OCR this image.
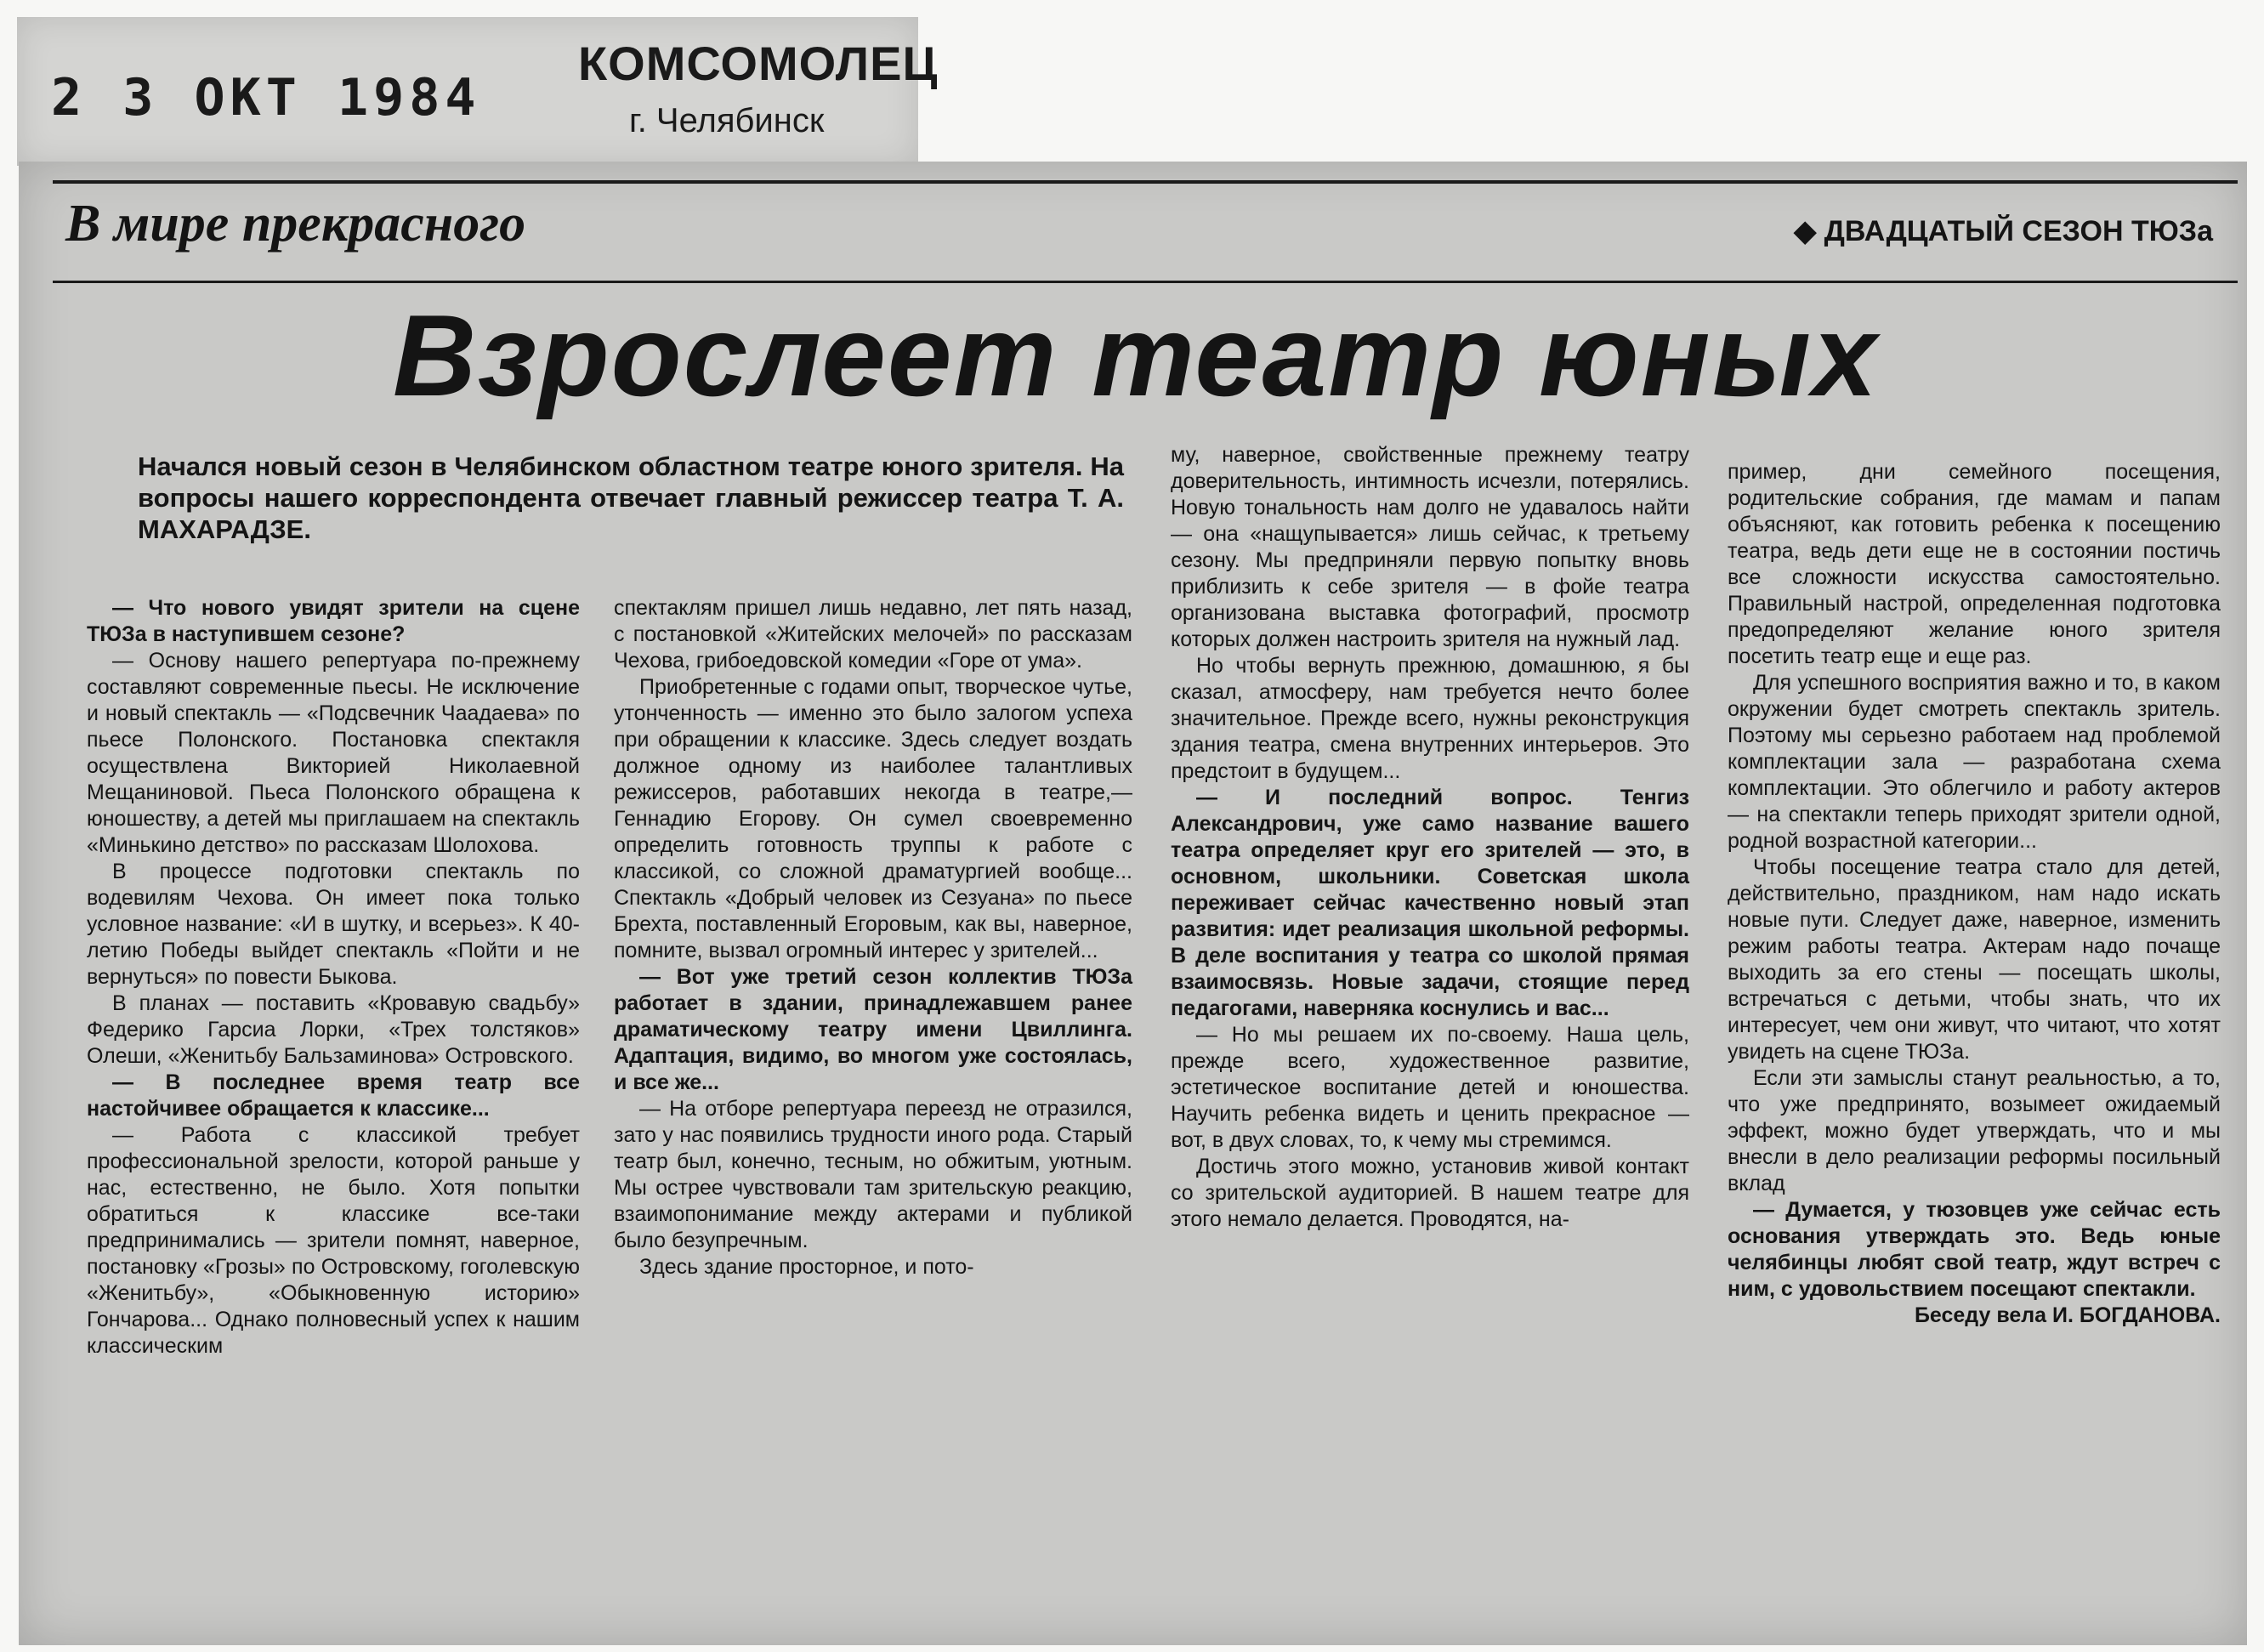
2 3 ОКТ 1984
КОМСОМОЛЕЦ
г. Челябинск
В мире прекрасного	◆ ДВАДЦАТЫЙ СЕЗОН ТЮЗа
Взрослеет театр юных
Начался новый сезон в Челябинском областном театре юного зрителя. На вопросы нашего корреспондента отвечает главный режиссер театра Т. А. МАХАРАДЗЕ.

— Что нового увидят зрители на сцене ТЮЗа в наступившем сезоне?

— Основу нашего репертуара по-прежнему составляют современные пьесы. Не исключение и новый спектакль — «Подсвечник Чаадаева» по пьесе Полонского. Постановка спектакля осуществлена Викторией Николаевной Мещаниновой. Пьеса Полонского обращена к юношеству, а детей мы приглашаем на спектакль «Минькино детство» по рассказам Шолохова.

В процессе подготовки спектакль по водевилям Чехова. Он имеет пока только условное название: «И в шутку, и всерьез». К 40-летию Победы выйдет спектакль «Пойти и не вернуться» по повести Быкова.

В планах — поставить «Кровавую свадьбу» Федерико Гарсиа Лорки, «Трех толстяков» Олеши, «Женитьбу Бальзаминова» Островского.

— В последнее время театр все настойчивее обращается к классике...

— Работа с классикой требует профессиональной зрелости, которой раньше у нас, естественно, не было. Хотя попытки обратиться к классике все-таки предпринимались — зрители помнят, наверное, постановку «Грозы» по Островскому, гоголевскую «Женитьбу», «Обыкновенную историю» Гончарова... Однако полновесный успех к нашим классическим

спектаклям пришел лишь недавно, лет пять назад, с постановкой «Житейских мелочей» по рассказам Чехова, грибоедовской комедии «Горе от ума».

Приобретенные с годами опыт, творческое чутье, утонченность — именно это было залогом успеха при обращении к классике. Здесь следует воздать должное одному из наиболее талантливых режиссеров, работавших некогда в театре,—Геннадию Егорову. Он сумел своевременно определить готовность труппы к работе с классикой, со сложной драматургией вообще... Спектакль «Добрый человек из Сезуана» по пьесе Брехта, поставленный Егоровым, как вы, наверное, помните, вызвал огромный интерес у зрителей...

— Вот уже третий сезон коллектив ТЮЗа работает в здании, принадлежавшем ранее драматическому театру имени Цвиллинга. Адаптация, видимо, во многом уже состоялась, и все же...

— На отборе репертуара переезд не отразился, зато у нас появились трудности иного рода. Старый театр был, конечно, тесным, но обжитым, уютным. Мы острее чувствовали там зрительскую реакцию, взаимопонимание между актерами и публикой было безупречным.

Здесь здание просторное, и пото-

му, наверное, свойственные прежнему театру доверительность, интимность исчезли, потерялись. Новую тональность нам долго не удавалось найти — она «нащупывается» лишь сейчас, к третьему сезону. Мы предприняли первую попытку вновь приблизить к себе зрителя — в фойе театра организована выставка фотографий, просмотр которых должен настроить зрителя на нужный лад.

Но чтобы вернуть прежнюю, домашнюю, я бы сказал, атмосферу, нам требуется нечто более значительное. Прежде всего, нужны реконструкция здания театра, смена внутренних интерьеров. Это предстоит в будущем...

— И последний вопрос. Тенгиз Александрович, уже само название вашего театра определяет круг его зрителей — это, в основном, школьники. Советская школа переживает сейчас качественно новый этап развития: идет реализация школьной реформы. В деле воспитания у театра со школой прямая взаимосвязь. Новые задачи, стоящие перед педагогами, наверняка коснулись и вас...

— Но мы решаем их по-своему. Наша цель, прежде всего, художественное развитие, эстетическое воспитание детей и юношества. Научить ребенка видеть и ценить прекрасное — вот, в двух словах, то, к чему мы стремимся.

Достичь этого можно, установив живой контакт со зрительской аудиторией. В нашем театре для этого немало делается. Проводятся, на-

пример, дни семейного посещения, родительские собрания, где мамам и папам объясняют, как готовить ребенка к посещению театра, ведь дети еще не в состоянии постичь все сложности искусства самостоятельно. Правильный настрой, определенная подготовка предопределяют желание юного зрителя посетить театр еще и еще раз.

Для успешного восприятия важно и то, в каком окружении будет смотреть спектакль зритель. Поэтому мы серьезно работаем над проблемой комплектации зала — разработана схема комплектации. Это облегчило и работу актеров — на спектакли теперь приходят зрители одной, родной возрастной категории...

Чтобы посещение театра стало для детей, действительно, праздником, нам надо искать новые пути. Следует даже, наверное, изменить режим работы театра. Актерам надо почаще выходить за его стены — посещать школы, встречаться с детьми, чтобы знать, что их интересует, чем они живут, что читают, что хотят увидеть на сцене ТЮЗа.

Если эти замыслы станут реальностью, а то, что уже предпринято, возымеет ожидаемый эффект, можно будет утверждать, что и мы внесли в дело реализации реформы посильный вклад

— Думается, у тюзовцев уже сейчас есть основания утверждать это. Ведь юные челябинцы любят свой театр, ждут встреч с ним, с удовольствием посещают спектакли.

Беседу вела И. БОГДАНОВА.
